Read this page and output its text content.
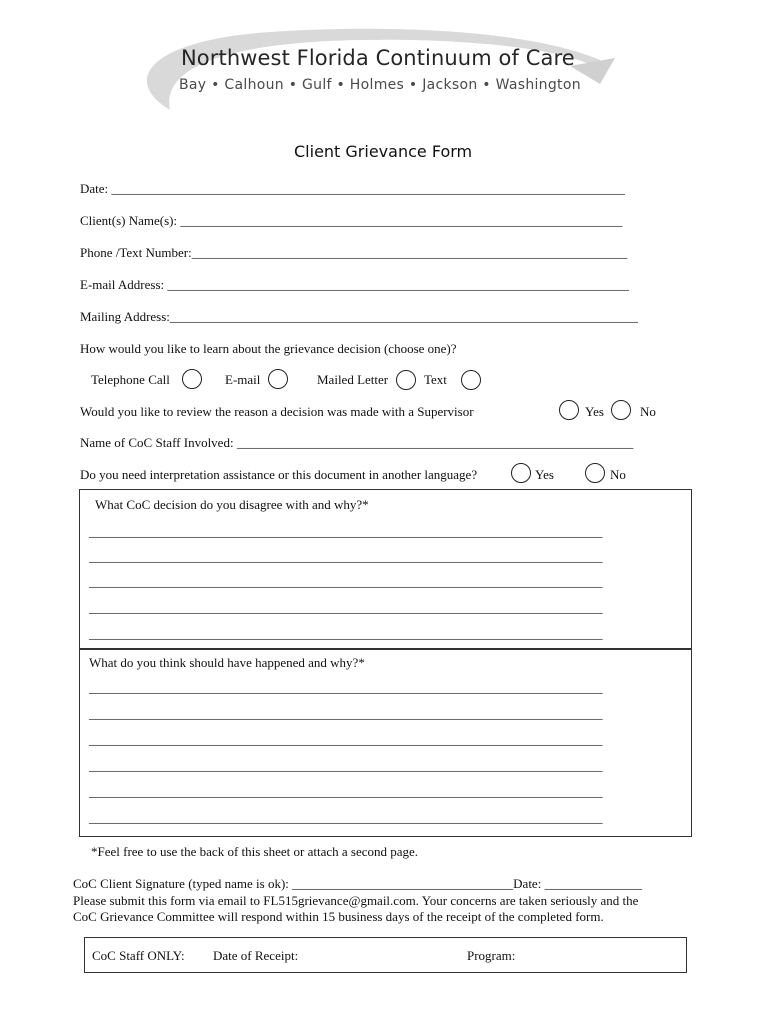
Northwest Florida Continuum of Care
Bay • Calhoun • Gulf • Holmes • Jackson • Washington
Client Grievance Form
Date: _______________________________________________________________________________
Client(s) Name(s): ____________________________________________________________________
Phone /Text Number:___________________________________________________________________
E-mail Address: _______________________________________________________________________
Mailing Address:________________________________________________________________________
How would you like to learn about the grievance decision (choose one)?
Telephone Call	E-mail	Mailed Letter	Text
Would you like to review the reason a decision was made with a Supervisor	Yes	No
Name of CoC Staff Involved: _____________________________________________________________
Do you need interpretation assistance or this document in another language?	Yes	No
What CoC decision do you disagree with and why?*
_______________________________________________________________________________
_______________________________________________________________________________
_______________________________________________________________________________
_______________________________________________________________________________
_______________________________________________________________________________
What do you think should have happened and why?*
_______________________________________________________________________________
_______________________________________________________________________________
_______________________________________________________________________________
_______________________________________________________________________________
_______________________________________________________________________________
_______________________________________________________________________________
*Feel free to use the back of this sheet or attach a second page.
CoC Client Signature (typed name is ok): __________________________________Date: _______________
Please submit this form via email to FL515grievance@gmail.com. Your concerns are taken seriously and the
CoC Grievance Committee will respond within 15 business days of the receipt of the completed form.
CoC Staff ONLY: Date of Receipt:	Program:
